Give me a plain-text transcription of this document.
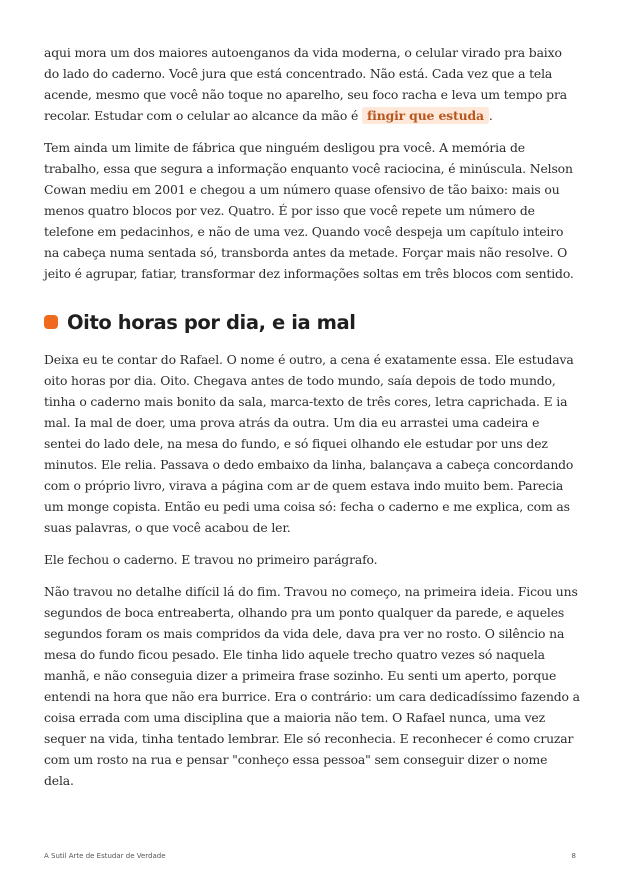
aqui mora um dos maiores autoenganos da vida moderna, o celular virado pra baixo do lado do caderno. Você jura que está concentrado. Não está. Cada vez que a tela acende, mesmo que você não toque no aparelho, seu foco racha e leva um tempo pra recolar. Estudar com o celular ao alcance da mão é fingir que estuda .

Tem ainda um limite de fábrica que ninguém desligou pra você. A memória de trabalho, essa que segura a informação enquanto você raciocina, é minúscula. Nelson Cowan mediu em 2001 e chegou a um número quase ofensivo de tão baixo: mais ou menos quatro blocos por vez. Quatro. É por isso que você repete um número de telefone em pedacinhos, e não de uma vez. Quando você despeja um capítulo inteiro na cabeça numa sentada só, transborda antes da metade. Forçar mais não resolve. O jeito é agrupar, fatiar, transformar dez informações soltas em três blocos com sentido.

Oito horas por dia, e ia mal

Deixa eu te contar do Rafael. O nome é outro, a cena é exatamente essa. Ele estudava oito horas por dia. Oito. Chegava antes de todo mundo, saía depois de todo mundo, tinha o caderno mais bonito da sala, marca-texto de três cores, letra caprichada. E ia mal. Ia mal de doer, uma prova atrás da outra. Um dia eu arrastei uma cadeira e sentei do lado dele, na mesa do fundo, e só fiquei olhando ele estudar por uns dez minutos. Ele relia. Passava o dedo embaixo da linha, balançava a cabeça concordando com o próprio livro, virava a página com ar de quem estava indo muito bem. Parecia um monge copista. Então eu pedi uma coisa só: fecha o caderno e me explica, com as suas palavras, o que você acabou de ler.

Ele fechou o caderno. E travou no primeiro parágrafo.

Não travou no detalhe difícil lá do fim. Travou no começo, na primeira ideia. Ficou uns segundos de boca entreaberta, olhando pra um ponto qualquer da parede, e aqueles segundos foram os mais compridos da vida dele, dava pra ver no rosto. O silêncio na mesa do fundo ficou pesado. Ele tinha lido aquele trecho quatro vezes só naquela manhã, e não conseguia dizer a primeira frase sozinho. Eu senti um aperto, porque entendi na hora que não era burrice. Era o contrário: um cara dedicadíssimo fazendo a coisa errada com uma disciplina que a maioria não tem. O Rafael nunca, uma vez sequer na vida, tinha tentado lembrar. Ele só reconhecia. E reconhecer é como cruzar com um rosto na rua e pensar "conheço essa pessoa" sem conseguir dizer o nome dela.

A Sutil Arte de Estudar de Verdade	8
